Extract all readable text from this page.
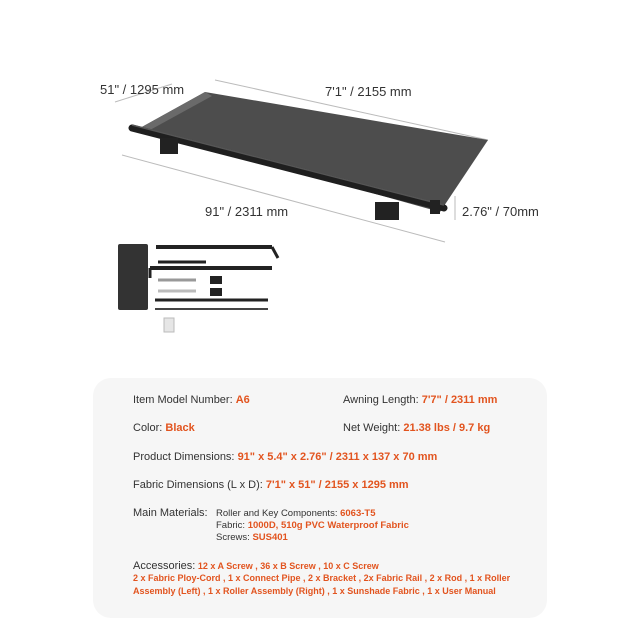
51" / 1295 mm	7'1" / 2155 mm
91" / 2311 mm	2.76" / 70mm
Item Model Number: A6	Awning Length: 7'7" / 2311 mm
Color: Black	Net Weight: 21.38 lbs / 9.7 kg
Product Dimensions: 91" x 5.4" x 2.76" / 2311 x 137 x 70 mm
Fabric Dimensions (L x D): 7'1" x 51" / 2155 x 1295 mm
Main Materials: Roller and Key Components: 6063-T5
Fabric: 1000D, 510g PVC Waterproof Fabric
Screws: SUS401
Accessories: 12 x A Screw , 36 x B Screw , 10 x C Screw
2 x Fabric Ploy-Cord , 1 x Connect Pipe , 2 x Bracket , 2x Fabric Rail , 2 x Rod , 1 x Roller
Assembly (Left) , 1 x Roller Assembly (Right) , 1 x Sunshade Fabric , 1 x User Manual
